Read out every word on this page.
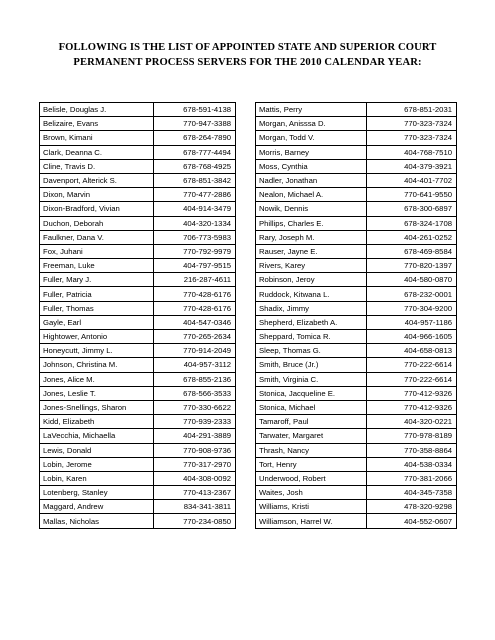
FOLLOWING IS THE LIST OF APPOINTED STATE AND SUPERIOR COURT
PERMANENT PROCESS SERVERS FOR THE 2010 CALENDAR YEAR:
Belisle, Douglas J.	678-591-4138
Belizaire, Evans	770-947-3388
Brown, Kimani	678-264-7890
Clark, Deanna C.	678-777-4494
Cline, Travis D.	678-768-4925
Davenport, Alterick S.	678-851-3842
Dixon, Marvin	770-477-2886
Dixon-Bradford, Vivian	404-914-3479
Duchon, Deborah	404-320-1334
Faulkner, Dana V.	706-773-5983
Fox, Juhani	770-792-9979
Freeman, Luke	404-797-9515
Fuller, Mary J.	216-287-4611
Fuller, Patricia	770-428-6176
Fuller, Thomas	770-428-6176
Gayle, Earl	404-547-0346
Hightower, Antonio	770-265-2634
Honeycutt, Jimmy L.	770-914-2049
Johnson, Christina M.	404-957-3112
Jones, Alice M.	678-855-2136
Jones, Leslie T.	678-566-3533
Jones-Snellings, Sharon	770-330-6622
Kidd, Elizabeth	770-939-2333
LaVecchia, Michaella	404-291-3889
Lewis, Donald	770-908-9736
Lobin, Jerome	770-317-2970
Lobin, Karen	404-308-0092
Lotenberg, Stanley	770-413-2367
Maggard, Andrew	834-341-3811
Mallas, Nicholas	770-234-0850
Mattis, Perry	678-851-2031
Morgan, Anisssa D.	770-323-7324
Morgan, Todd V.	770-323-7324
Morris, Barney	404-768-7510
Moss, Cynthia	404-379-3921
Nadler, Jonathan	404-401-7702
Nealon, Michael A.	770-641-9550
Nowik, Dennis	678-300-6897
Phillips, Charles E.	678-324-1708
Rary, Joseph M.	404-261-0252
Rauser, Jayne E.	678-469-8584
Rivers, Karey	770-820-1397
Robinson, Jeroy	404-580-0870
Ruddock, Kitwana L.	678-232-0001
Shadix, Jimmy	770-304-9200
Shepherd, Elizabeth A.	404-957-1186
Sheppard, Tomica R.	404-966-1605
Sleep, Thomas G.	404-658-0813
Smith, Bruce (Jr.)	770-222-6614
Smith, Virginia C.	770-222-6614
Stonica, Jacqueline E.	770-412-9326
Stonica, Michael	770-412-9326
Tamaroff, Paul	404-320-0221
Tarwater, Margaret	770-978-8189
Thrash, Nancy	770-358-8864
Tort, Henry	404-538-0334
Underwood, Robert	770-381-2066
Waites, Josh	404-345-7358
Williams, Kristi	478-320-9298
Williamson, Harrel W.	404-552-0607
